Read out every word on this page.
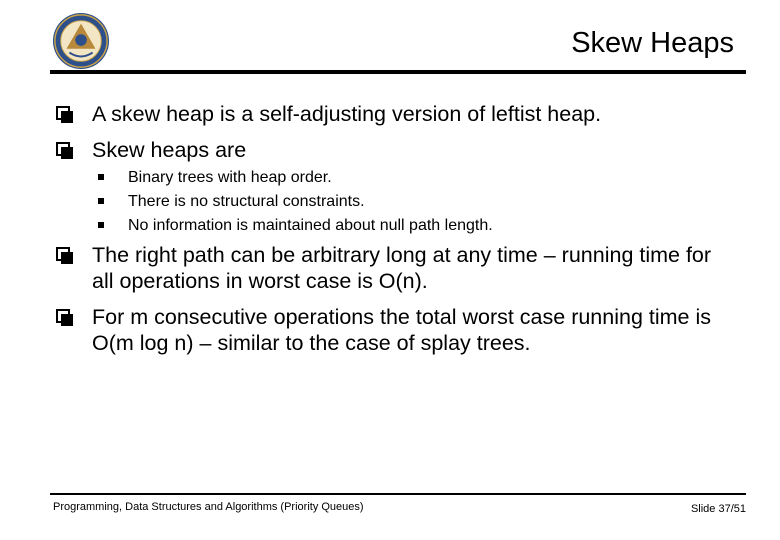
Skew Heaps
A skew heap is a self-adjusting version of leftist heap.
Skew heaps are
Binary trees with heap order.
There is no structural constraints.
No information is maintained about null path length.
The right path can be arbitrary long at any time – running time for all operations in worst case is O(n).
For m consecutive operations the total worst case running time is O(m log n) – similar to the case of splay trees.
Programming, Data Structures and Algorithms (Priority Queues)	Slide 37/51
